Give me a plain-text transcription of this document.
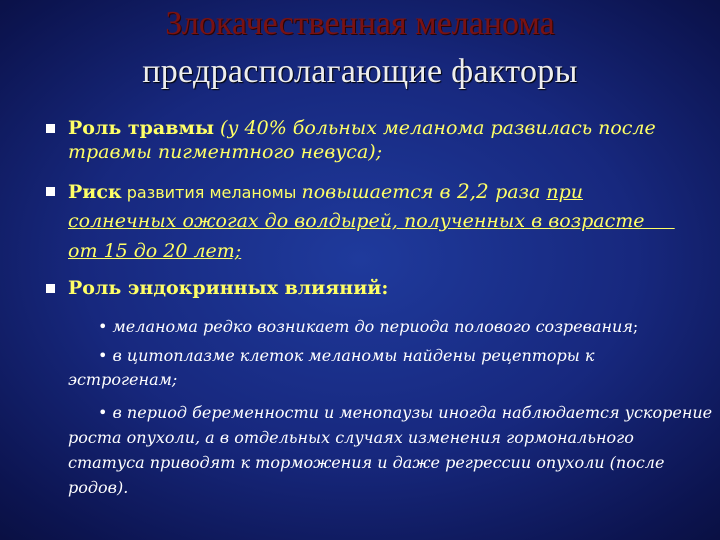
Злокачественная меланома
предрасполагающие факторы
Роль травмы (у 40% больных меланома развилась после
травмы пигментного невуса);
Риск развития меланомы повышается в 2,2 раза при
солнечных ожогах до волдырей, полученных в возрасте
от 15 до 20 лет;
Роль эндокринных влияний:
• меланома редко возникает до периода полового созревания;
• в цитоплазме клеток меланомы найдены рецепторы к
эстрогенам;
• в период беременности и менопаузы иногда наблюдается ускорение
роста опухоли, а в отдельных случаях изменения гормонального
статуса приводят к торможения и даже регрессии опухоли (после
родов).
